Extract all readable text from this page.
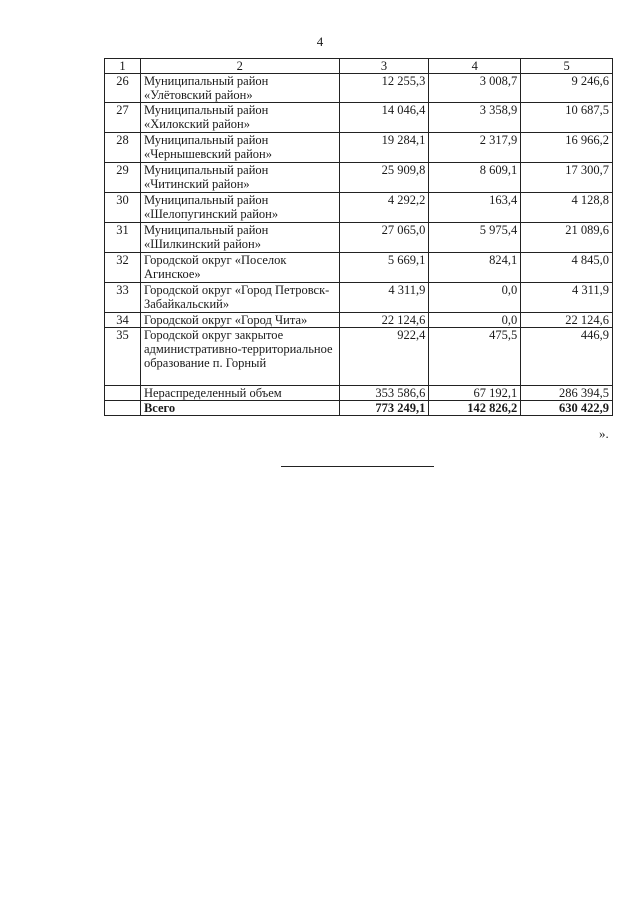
4
1	2	3	4	5
26	Муниципальный район «Улётовский район»	12 255,3	3 008,7	9 246,6
27	Муниципальный район «Хилокский район»	14 046,4	3 358,9	10 687,5
28	Муниципальный район «Чернышевский район»	19 284,1	2 317,9	16 966,2
29	Муниципальный район «Читинский район»	25 909,8	8 609,1	17 300,7
30	Муниципальный район «Шелопугинский район»	4 292,2	163,4	4 128,8
31	Муниципальный район «Шилкинский район»	27 065,0	5 975,4	21 089,6
32	Городской округ «Поселок Агинское»	5 669,1	824,1	4 845,0
33	Городской округ «Город Петровск-Забайкальский»	4 311,9	0,0	4 311,9
34	Городской округ «Город Чита»	22 124,6	0,0	22 124,6
35	Городской округ закрытое административно-территориальное образование п. Горный	922,4	475,5	446,9
	Нераспределенный объем	353 586,6	67 192,1	286 394,5
	Всего	773 249,1	142 826,2	630 422,9
».
